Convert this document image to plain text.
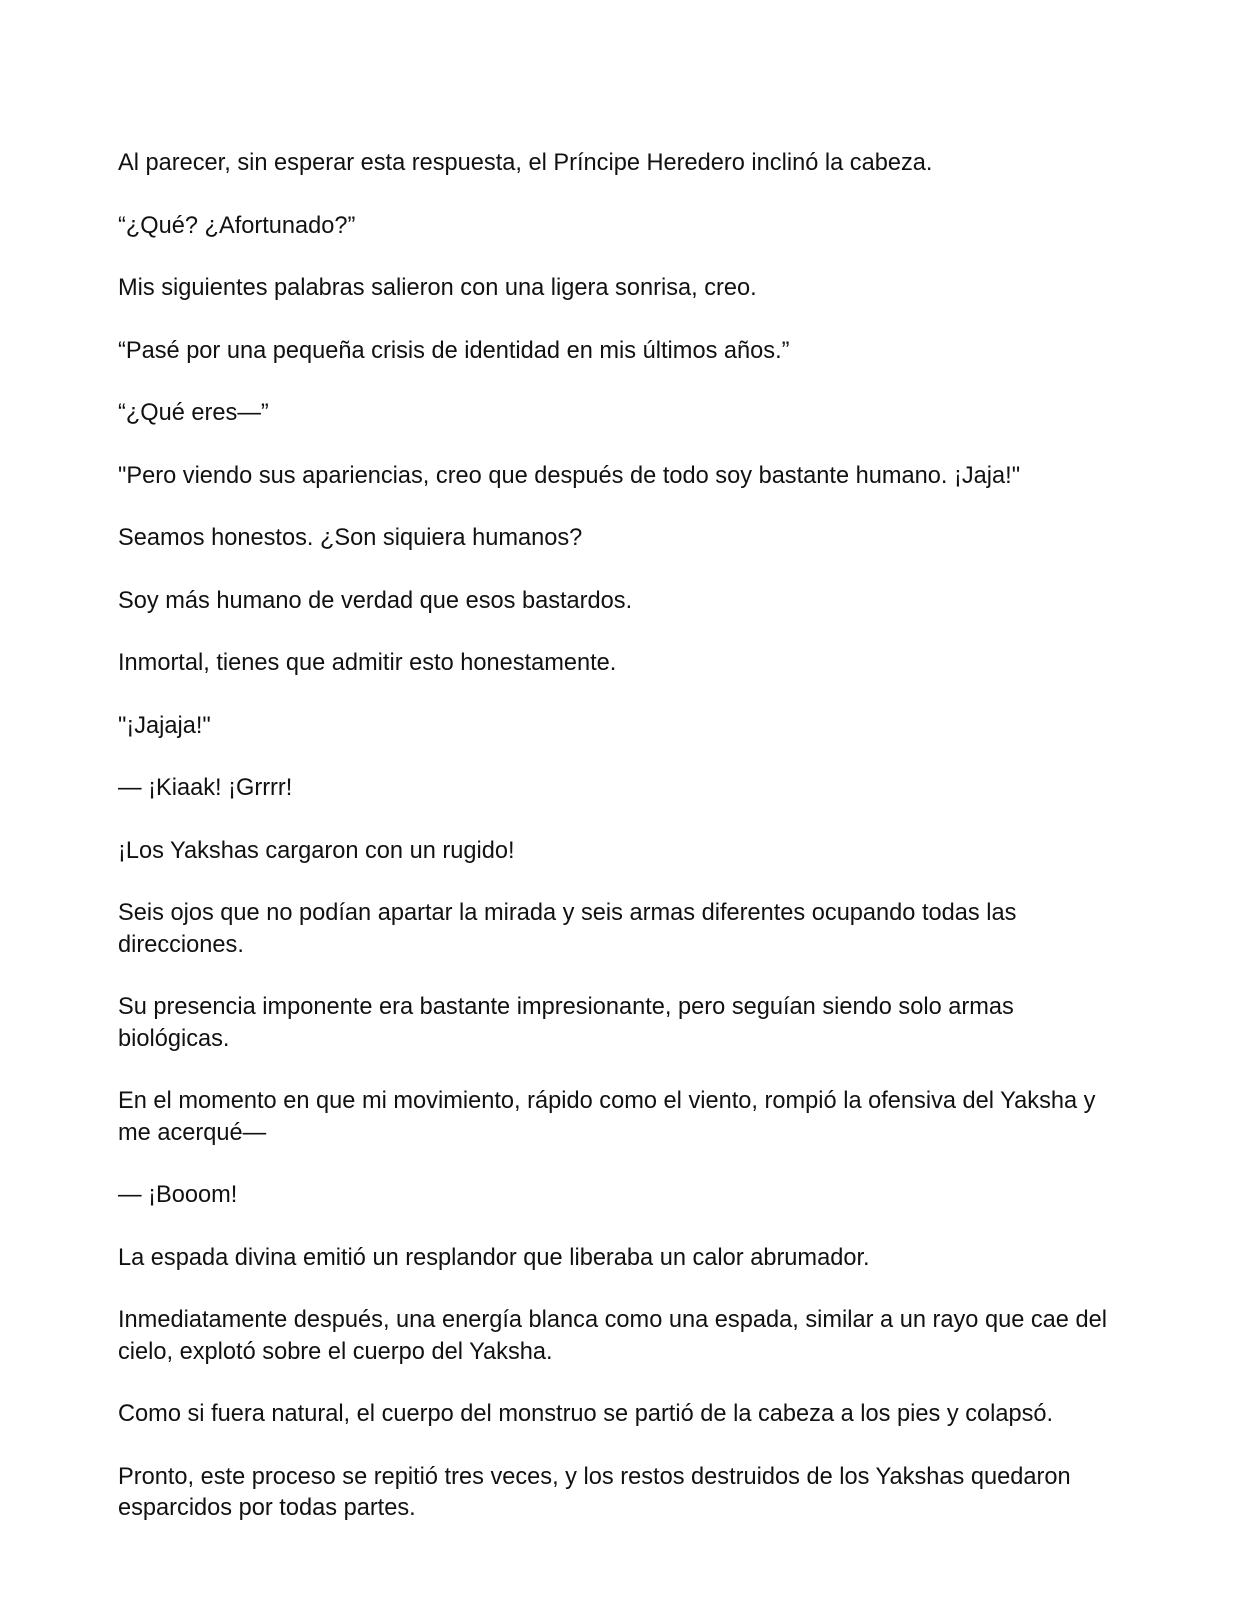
Al parecer, sin esperar esta respuesta, el Príncipe Heredero inclinó la cabeza.

“¿Qué? ¿Afortunado?”

Mis siguientes palabras salieron con una ligera sonrisa, creo.

“Pasé por una pequeña crisis de identidad en mis últimos años.”

“¿Qué eres—”

"Pero viendo sus apariencias, creo que después de todo soy bastante humano. ¡Jaja!"

Seamos honestos. ¿Son siquiera humanos?

Soy más humano de verdad que esos bastardos.

Inmortal, tienes que admitir esto honestamente.

"¡Jajaja!"

— ¡Kiaak! ¡Grrrr!

¡Los Yakshas cargaron con un rugido!

Seis ojos que no podían apartar la mirada y seis armas diferentes ocupando todas las direcciones.

Su presencia imponente era bastante impresionante, pero seguían siendo solo armas biológicas.

En el momento en que mi movimiento, rápido como el viento, rompió la ofensiva del Yaksha y me acerqué—

— ¡Booom!

La espada divina emitió un resplandor que liberaba un calor abrumador.

Inmediatamente después, una energía blanca como una espada, similar a un rayo que cae del cielo, explotó sobre el cuerpo del Yaksha.

Como si fuera natural, el cuerpo del monstruo se partió de la cabeza a los pies y colapsó.

Pronto, este proceso se repitió tres veces, y los restos destruidos de los Yakshas quedaron esparcidos por todas partes.
